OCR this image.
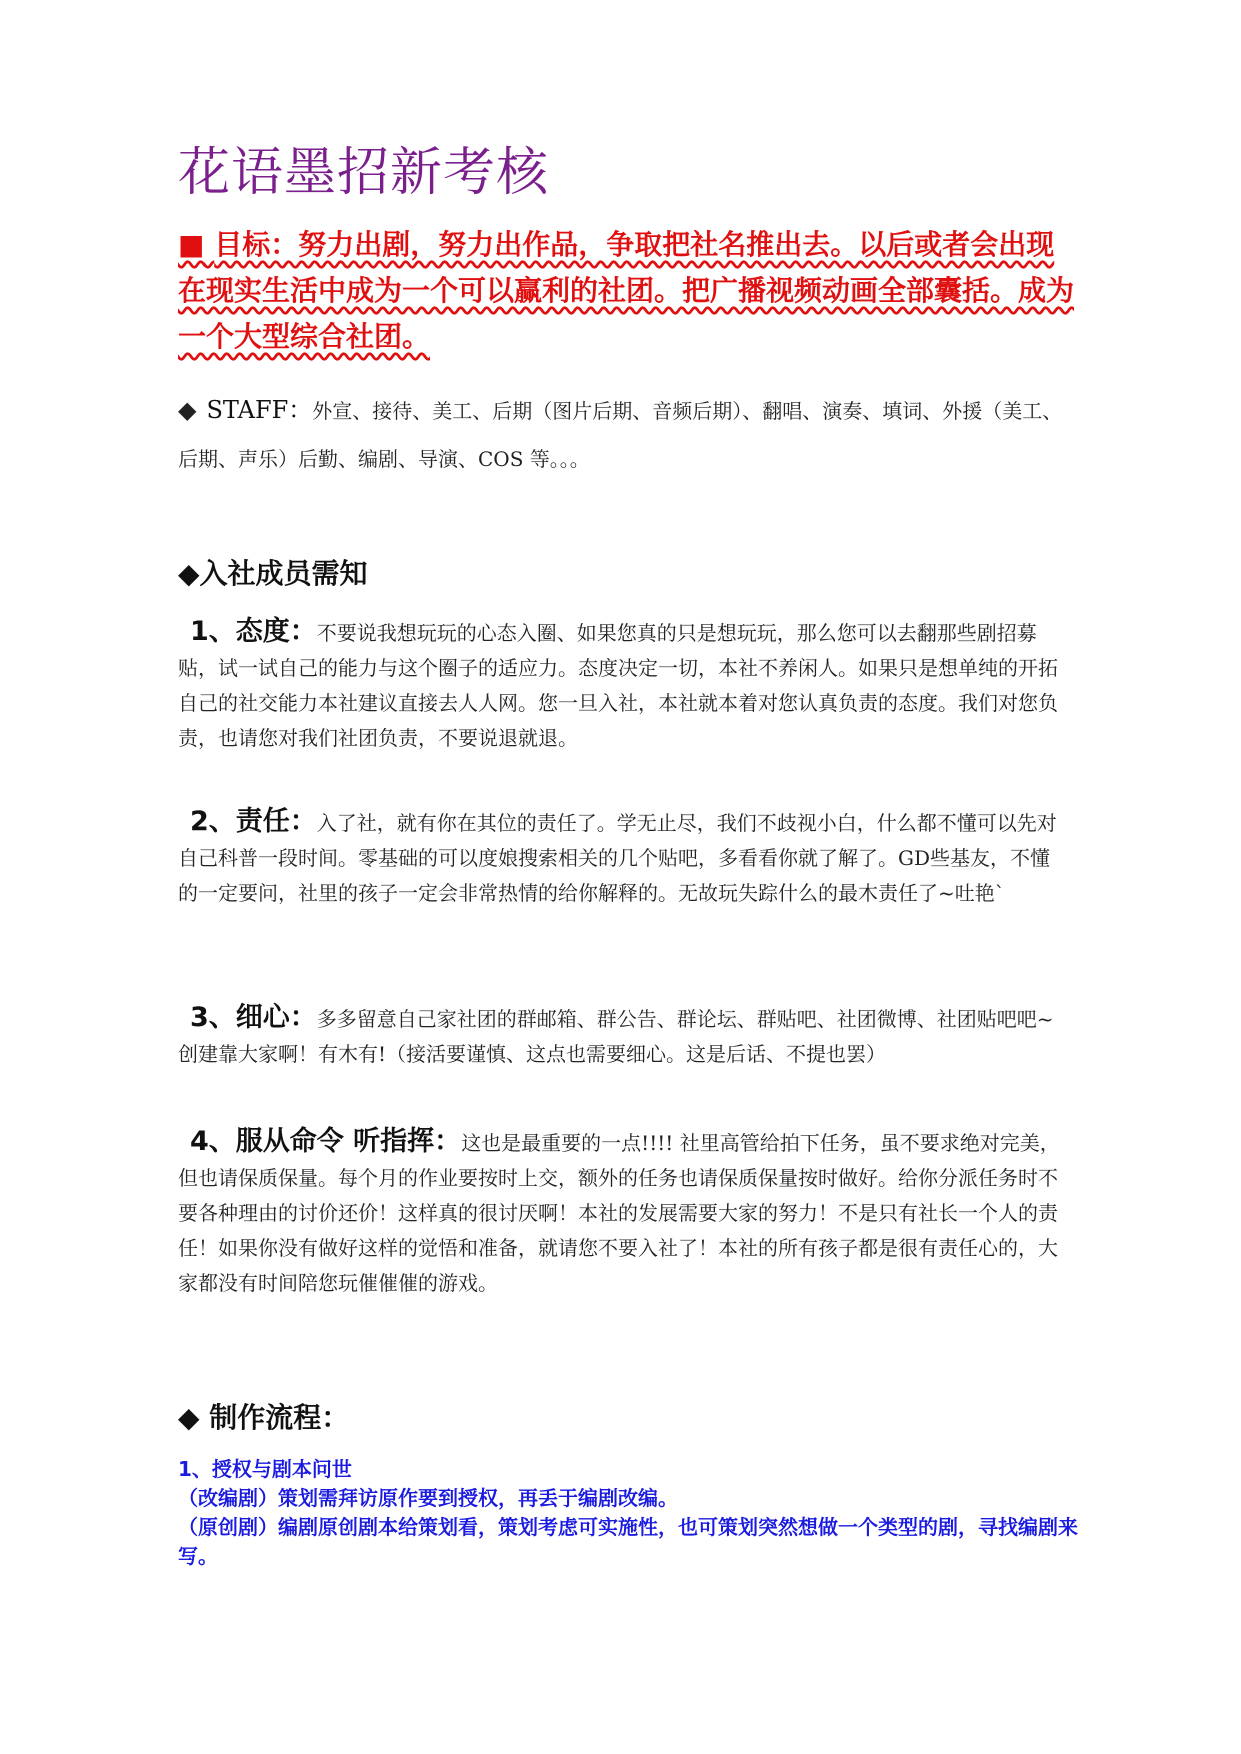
花语墨招新考核
■ 目标：努力出剧，努力出作品，争取把社名推出去。以后或者会出现在现实生活中成为一个可以赢利的社团。把广播视频动画全部囊括。成为一个大型综合社团。
◆ STAFF：外宣、接待、美工、后期（图片后期、音频后期）、翻唱、演奏、填词、外援（美工、后期、声乐）后勤、编剧、导演、COS 等。。。
◆入社成员需知
1、态度：不要说我想玩玩的心态入圈、如果您真的只是想玩玩，那么您可以去翻那些剧招募贴，试一试自己的能力与这个圈子的适应力。态度决定一切，本社不养闲人。如果只是想单纯的开拓自己的社交能力本社建议直接去人人网。您一旦入社，本社就本着对您认真负责的态度。我们对您负责，也请您对我们社团负责，不要说退就退。
2、责任：入了社，就有你在其位的责任了。学无止尽，我们不歧视小白，什么都不懂可以先对自己科普一段时间。零基础的可以度娘搜索相关的几个贴吧，多看看你就了解了。GD些基友，不懂的一定要问，社里的孩子一定会非常热情的给你解释的。无故玩失踪什么的最木责任了~吐艳`
3、细心：多多留意自己家社团的群邮箱、群公告、群论坛、群贴吧、社团微博、社团贴吧吧~ 创建靠大家啊！有木有!（接活要谨慎、这点也需要细心。这是后话、不提也罢）
4、服从命令 听指挥：这也是最重要的一点!!!! 社里高管给拍下任务，虽不要求绝对完美，但也请保质保量。每个月的作业要按时上交，额外的任务也请保质保量按时做好。给你分派任务时不要各种理由的讨价还价！这样真的很讨厌啊！本社的发展需要大家的努力！不是只有社长一个人的责任！如果你没有做好这样的觉悟和准备，就请您不要入社了！本社的所有孩子都是很有责任心的，大家都没有时间陪您玩催催催的游戏。
◆ 制作流程：
1、授权与剧本问世
（改编剧）策划需拜访原作要到授权，再丢于编剧改编。
（原创剧）编剧原创剧本给策划看，策划考虑可实施性，也可策划突然想做一个类型的剧，寻找编剧来写。
